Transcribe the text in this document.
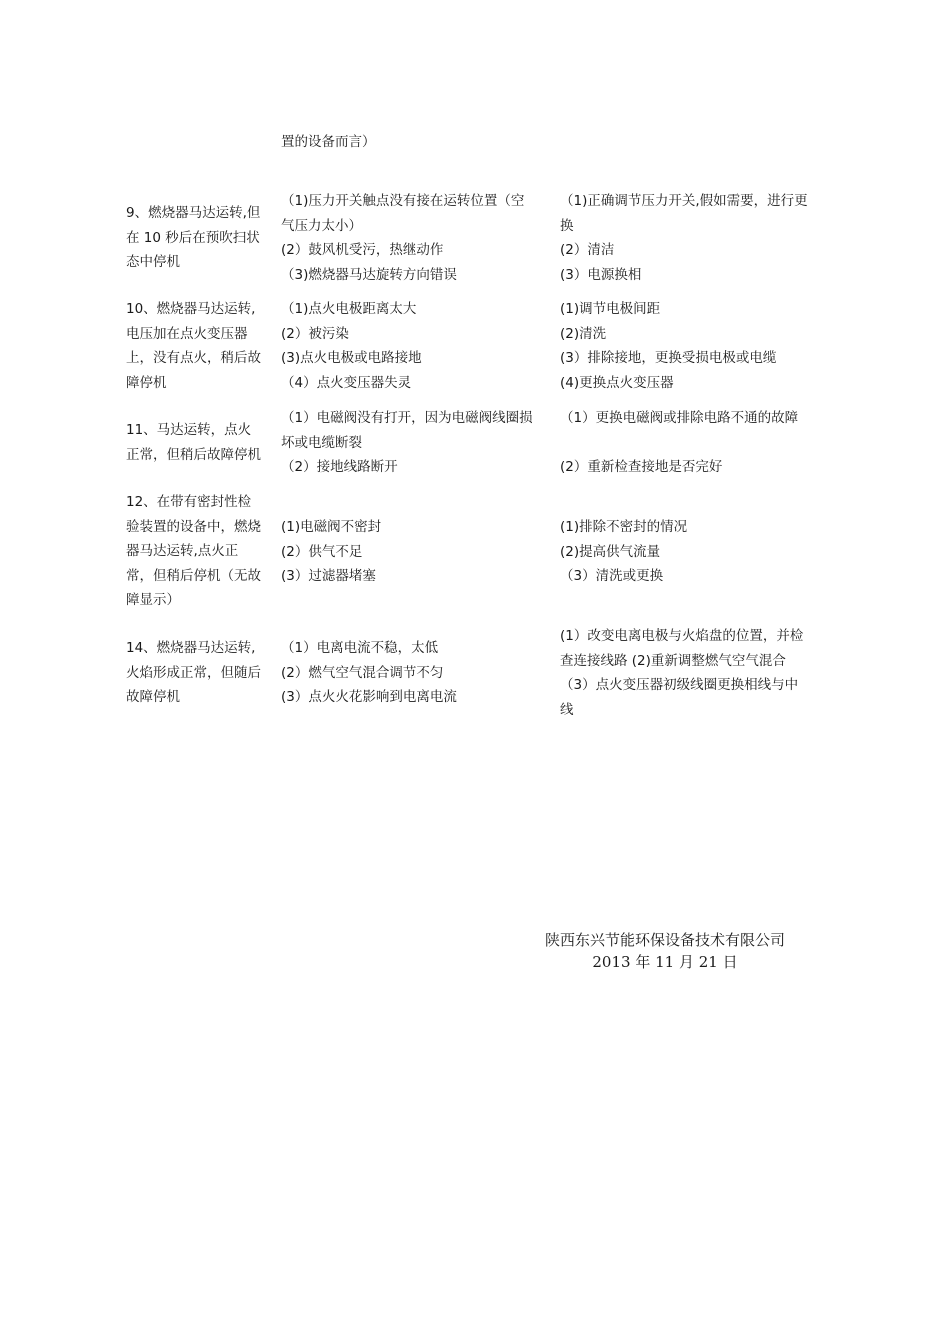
置的设备而言）
9、燃烧器马达运转,但
在 10 秒后在预吹扫状
态中停机
（1)压力开关触点没有接在运转位置（空
气压力太小）
(2）鼓风机受污，热继动作
（3)燃烧器马达旋转方向错误
（1)正确调节压力开关,假如需要，进行更
换
(2）清洁
(3）电源换相
10、燃烧器马达运转,
电压加在点火变压器
上，没有点火，稍后故
障停机
（1)点火电极距离太大
(2）被污染
(3)点火电极或电路接地
（4）点火变压器失灵
(1)调节电极间距
(2)清洗
(3）排除接地，更换受损电极或电缆
(4)更换点火变压器
11、马达运转，点火
正常，但稍后故障停机
（1）电磁阀没有打开，因为电磁阀线圈损
坏或电缆断裂
（2）接地线路断开
（1）更换电磁阀或排除电路不通的故障

(2）重新检查接地是否完好
12、在带有密封性检
验装置的设备中，燃烧
器马达运转,点火正
常，但稍后停机（无故
障显示）
(1)电磁阀不密封
(2）供气不足
(3）过滤器堵塞
(1)排除不密封的情况
(2)提高供气流量
（3）清洗或更换
14、燃烧器马达运转,
火焰形成正常，但随后
故障停机
（1）电离电流不稳，太低
(2）燃气空气混合调节不匀
(3）点火火花影响到电离电流
(1）改变电离电极与火焰盘的位置，并检
查连接线路 (2)重新调整燃气空气混合
（3）点火变压器初级线圈更换相线与中
线
陕西东兴节能环保设备技术有限公司
2013 年 11 月 21 日
